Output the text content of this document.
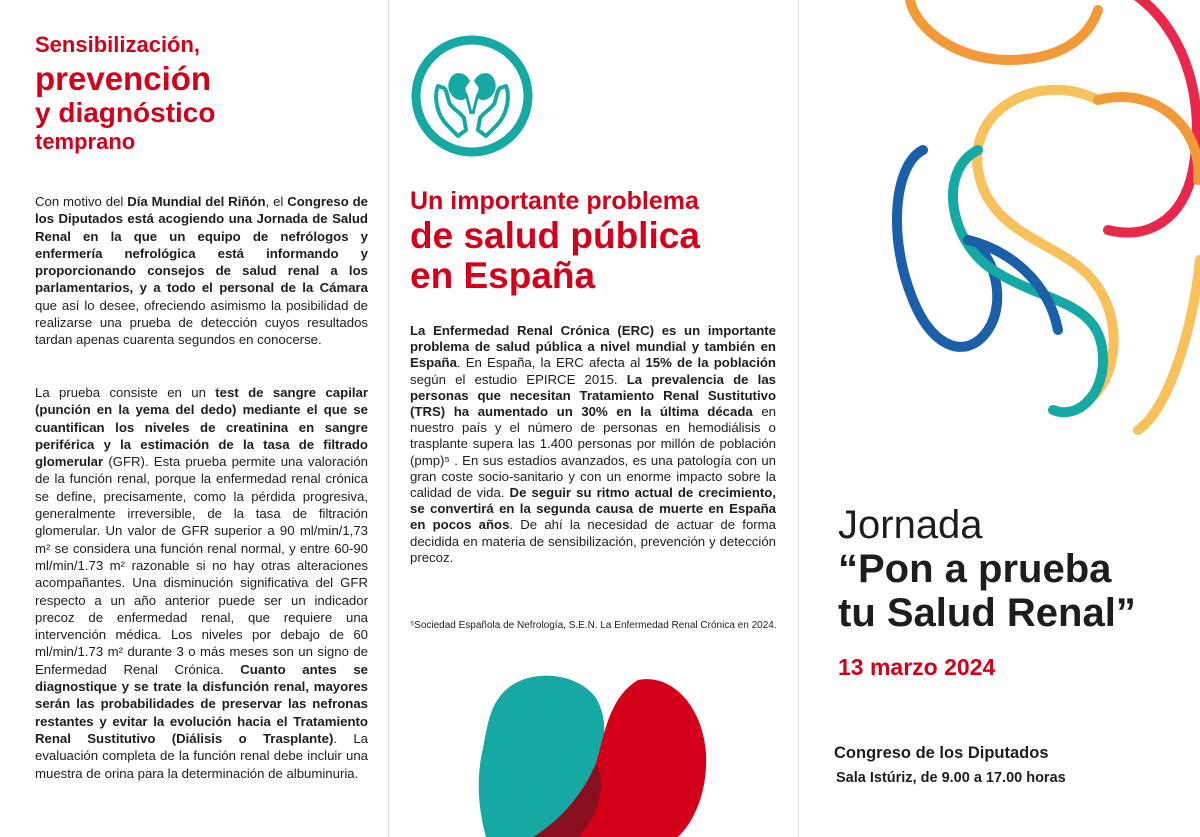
Sensibilización,
prevención
y diagnóstico
temprano

Con motivo del Día Mundial del Riñón, el Congreso de los Diputados está acogiendo una Jornada de Salud Renal en la que un equipo de nefrólogos y enfermería nefrológica está informando y proporcionando consejos de salud renal a los parlamentarios, y a todo el personal de la Cámara que así lo desee, ofreciendo asimismo la posibilidad de realizarse una prueba de detección cuyos resultados tardan apenas cuarenta segundos en conocerse.

La prueba consiste en un test de sangre capilar (punción en la yema del dedo) mediante el que se cuantifican los niveles de creatinina en sangre periférica y la estimación de la tasa de filtrado glomerular (GFR). Esta prueba permite una valoración de la función renal, porque la enfermedad renal crónica se define, precisamente, como la pérdida progresiva, generalmente irreversible, de la tasa de filtración glomerular. Un valor de GFR superior a 90 ml/min/1,73 m² se considera una función renal normal, y entre 60-90 ml/min/1.73 m² razonable si no hay otras alteraciones acompañantes. Una disminución significativa del GFR respecto a un año anterior puede ser un indicador precoz de enfermedad renal, que requiere una intervención médica. Los niveles por debajo de 60 ml/min/1.73 m² durante 3 o más meses son un signo de Enfermedad Renal Crónica. Cuanto antes se diagnostique y se trate la disfunción renal, mayores serán las probabilidades de preservar las nefronas restantes y evitar la evolución hacia el Tratamiento Renal Sustitutivo (Diálisis o Trasplante). La evaluación completa de la función renal debe incluir una muestra de orina para la determinación de albuminuria.

Un importante problema
de salud pública
en España

La Enfermedad Renal Crónica (ERC) es un importante problema de salud pública a nivel mundial y también en España. En España, la ERC afecta al 15% de la población según el estudio EPIRCE 2015. La prevalencia de las personas que necesitan Tratamiento Renal Sustitutivo (TRS) ha aumentado un 30% en la última década en nuestro país y el número de personas en hemodiálisis o trasplante supera las 1.400 personas por millón de población (pmp)⁵ . En sus estadios avanzados, es una patología con un gran coste socio-sanitario y con un enorme impacto sobre la calidad de vida. De seguir su ritmo actual de crecimiento, se convertirá en la segunda causa de muerte en España en pocos años. De ahí la necesidad de actuar de forma decidida en materia de sensibilización, prevención y detección precoz.

⁵Sociedad Española de Nefrología, S.E.N. La Enfermedad Renal Crónica en 2024.

Jornada
“Pon a prueba
tu Salud Renal”
13 marzo 2024
Congreso de los Diputados
Sala Istúriz, de 9.00 a 17.00 horas
